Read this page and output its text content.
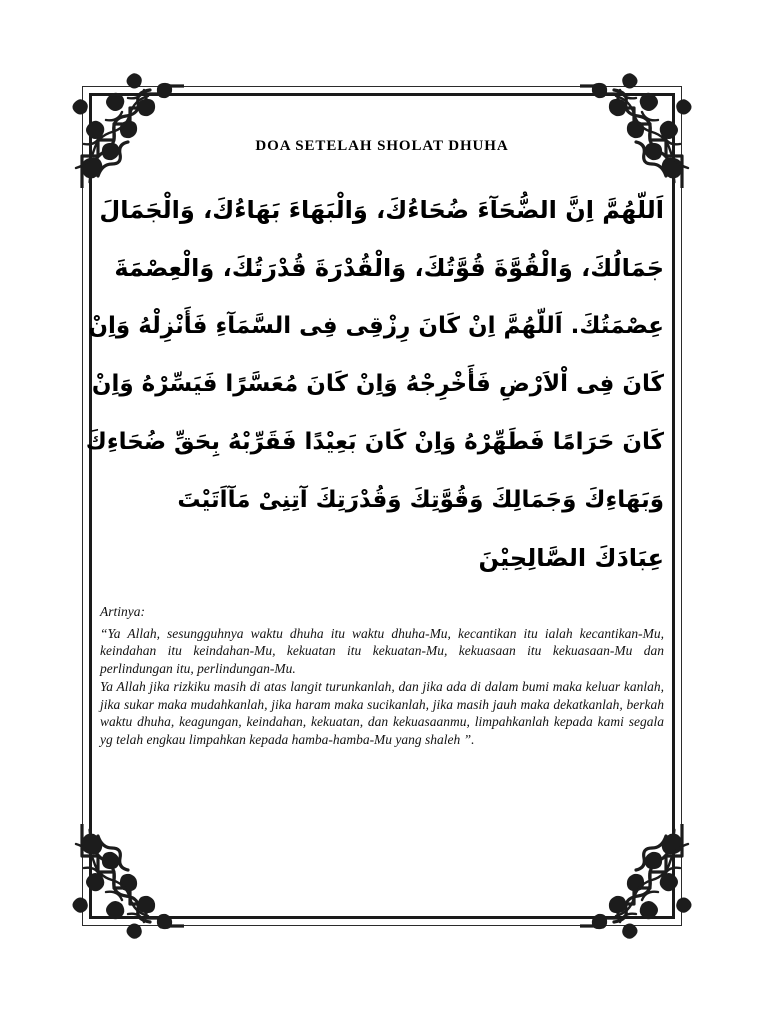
DOA SETELAH SHOLAT DHUHA
اَللّهُمَّ اِنَّ الضُّحَآءَ ضُحَاءُكَ، وَالْبَهَاءَ بَهَاءُكَ، وَالْجَمَالَ
جَمَالُكَ، وَالْقُوَّةَ قُوَّتُكَ، وَالْقُدْرَةَ قُدْرَتُكَ، وَالْعِصْمَةَ
عِصْمَتُكَ. اَللّهُمَّ اِنْ كَانَ رِزْقِى فِى السَّمَآءِ فَأَنْزِلْهُ وَاِنْ
كَانَ فِى اْلاَرْضِ فَأَخْرِجْهُ وَاِنْ كَانَ مُعَسَّرًا فَيَسِّرْهُ وَاِنْ
كَانَ حَرَامًا فَطَهِّرْهُ وَاِنْ كَانَ بَعِيْدًا فَقَرِّبْهُ بِحَقِّ ضُحَاءِكَ
وَبَهَاءِكَ وَجَمَالِكَ وَقُوَّتِكَ وَقُدْرَتِكَ آتِنِىْ مَآاَتَيْتَ
عِبَادَكَ الصَّالِحِيْنَ
Artinya:
“Ya Allah, sesungguhnya waktu dhuha itu waktu dhuha-Mu, kecantikan itu ialah kecantikan-Mu, keindahan itu keindahan-Mu, kekuatan itu kekuatan-Mu, kekuasaan itu kekuasaan-Mu dan perlindungan itu, perlindungan-Mu.
Ya Allah jika rizkiku masih di atas langit turunkanlah, dan jika ada di dalam bumi maka keluar kanlah, jika sukar maka mudahkanlah, jika haram maka sucikanlah, jika masih jauh maka dekatkanlah, berkah waktu dhuha, keagungan, keindahan, kekuatan, dan kekuasaanmu, limpahkanlah kepada kami segala yg telah engkau limpahkan kepada hamba-hamba-Mu yang shaleh ”.
